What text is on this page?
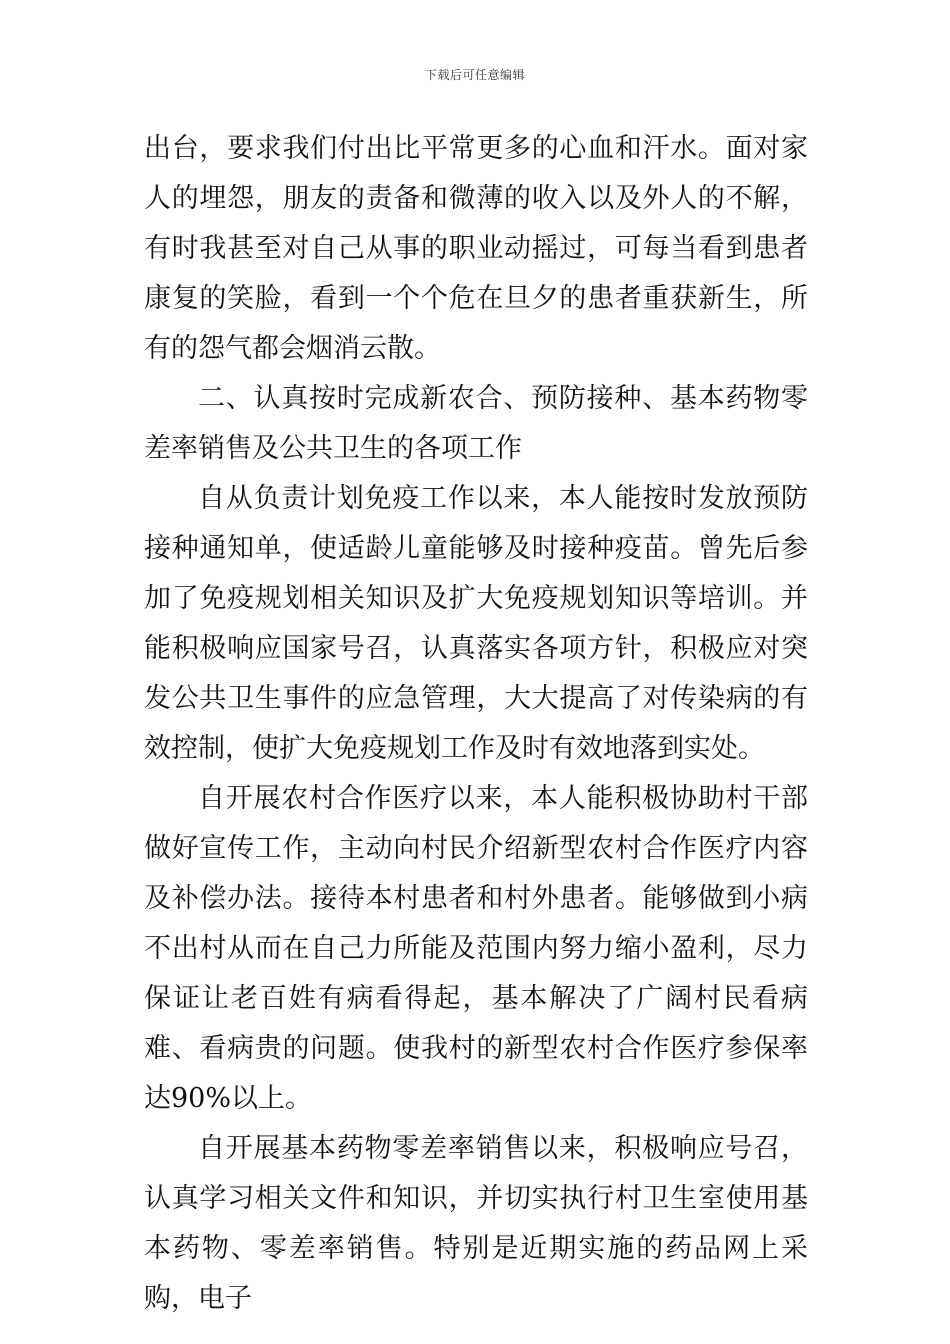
下载后可任意编辑

出台，要求我们付出比平常更多的心血和汗水。面对家人的埋怨，朋友的责备和微薄的收入以及外人的不解，有时我甚至对自己从事的职业动摇过，可每当看到患者康复的笑脸，看到一个个危在旦夕的患者重获新生，所有的怨气都会烟消云散。

二、认真按时完成新农合、预防接种、基本药物零差率销售及公共卫生的各项工作

自从负责计划免疫工作以来，本人能按时发放预防接种通知单，使适龄儿童能够及时接种疫苗。曾先后参加了免疫规划相关知识及扩大免疫规划知识等培训。并能积极响应国家号召，认真落实各项方针，积极应对突发公共卫生事件的应急管理，大大提高了对传染病的有效控制，使扩大免疫规划工作及时有效地落到实处。

自开展农村合作医疗以来，本人能积极协助村干部做好宣传工作，主动向村民介绍新型农村合作医疗内容及补偿办法。接待本村患者和村外患者。能够做到小病不出村从而在自己力所能及范围内努力缩小盈利，尽力保证让老百姓有病看得起，基本解决了广阔村民看病难、看病贵的问题。使我村的新型农村合作医疗参保率达90%以上。

自开展基本药物零差率销售以来，积极响应号召，认真学习相关文件和知识，并切实执行村卫生室使用基本药物、零差率销售。特别是近期实施的药品网上采购，电子
